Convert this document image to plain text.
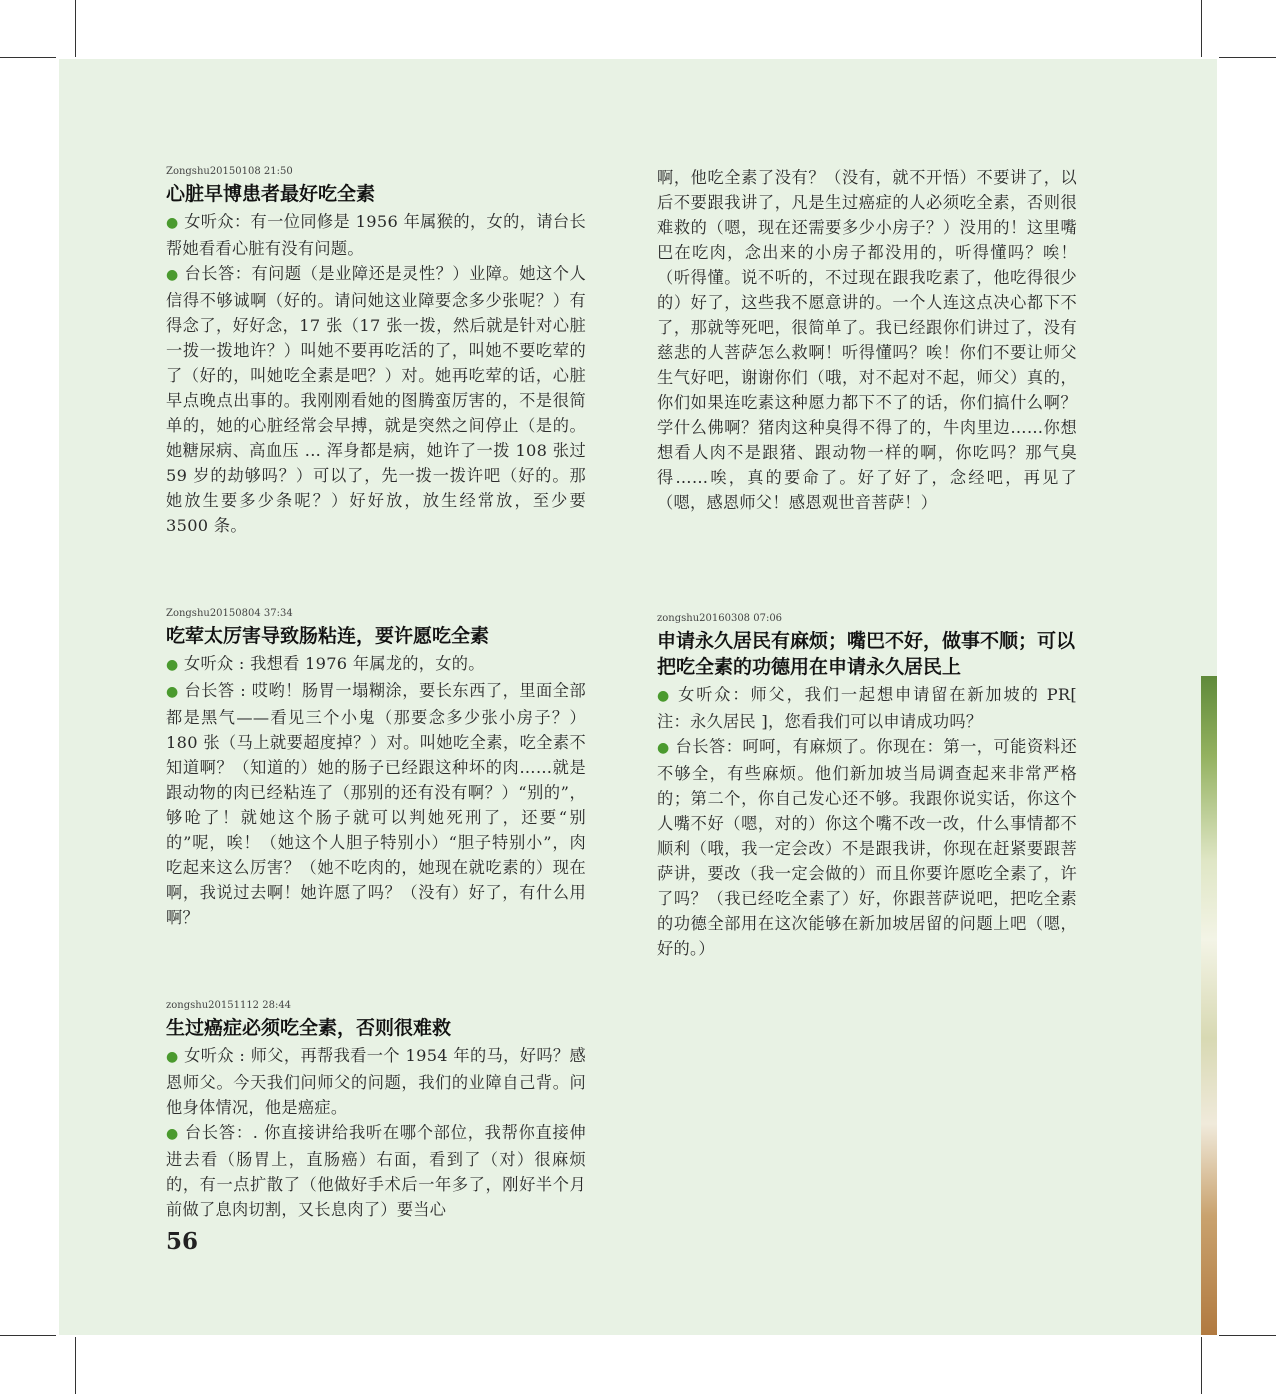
Zongshu20150108 21:50

心脏早博患者最好吃全素

● 女听众：有一位同修是 1956 年属猴的，女的，请台长帮她看看心脏有没有问题。

● 台长答：有问题（是业障还是灵性？）业障。她这个人信得不够诚啊（好的。请问她这业障要念多少张呢？）有得念了，好好念，17 张（17 张一拨，然后就是针对心脏一拨一拨地许？）叫她不要再吃活的了，叫她不要吃荤的了（好的，叫她吃全素是吧？）对。她再吃荤的话，心脏早点晚点出事的。我刚刚看她的图腾蛮厉害的，不是很简单的，她的心脏经常会早搏，就是突然之间停止（是的。她糖尿病、高血压 ... 浑身都是病，她许了一拨 108 张过 59 岁的劫够吗？）可以了，先一拨一拨许吧（好的。那她放生要多少条呢？）好好放，放生经常放，至少要 3500 条。

Zongshu20150804 37:34

吃荤太厉害导致肠粘连，要许愿吃全素

● 女听众 : 我想看 1976 年属龙的，女的。

● 台长答 : 哎哟！肠胃一塌糊涂，要长东西了，里面全部都是黑气——看见三个小鬼（那要念多少张小房子？）180 张（马上就要超度掉？）对。叫她吃全素，吃全素不知道啊？（知道的）她的肠子已经跟这种坏的肉……就是跟动物的肉已经粘连了（那别的还有没有啊？）“别的”，够呛了！就她这个肠子就可以判她死刑了，还要“别的”呢，唉！（她这个人胆子特别小）“胆子特别小”，肉吃起来这么厉害？（她不吃肉的，她现在就吃素的）现在啊，我说过去啊！她许愿了吗？（没有）好了，有什么用啊？

zongshu20151112 28:44

生过癌症必须吃全素，否则很难救

● 女听众 : 师父，再帮我看一个 1954 年的马，好吗？感恩师父。今天我们问师父的问题，我们的业障自己背。问他身体情况，他是癌症。

● 台长答：. 你直接讲给我听在哪个部位，我帮你直接伸进去看（肠胃上，直肠癌）右面，看到了（对）很麻烦的，有一点扩散了（他做好手术后一年多了，刚好半个月前做了息肉切割，又长息肉了）要当心

啊，他吃全素了没有？（没有，就不开悟）不要讲了，以后不要跟我讲了，凡是生过癌症的人必须吃全素，否则很难救的（嗯，现在还需要多少小房子？）没用的！这里嘴巴在吃肉，念出来的小房子都没用的，听得懂吗？唉！（听得懂。说不听的，不过现在跟我吃素了，他吃得很少的）好了，这些我不愿意讲的。一个人连这点决心都下不了，那就等死吧，很简单了。我已经跟你们讲过了，没有慈悲的人菩萨怎么救啊！听得懂吗？唉！你们不要让师父生气好吧，谢谢你们（哦，对不起对不起，师父）真的，你们如果连吃素这种愿力都下不了的话，你们搞什么啊？学什么佛啊？猪肉这种臭得不得了的，牛肉里边……你想想看人肉不是跟猪、跟动物一样的啊，你吃吗？那气臭得……唉，真的要命了。好了好了，念经吧，再见了（嗯，感恩师父！感恩观世音菩萨！）

zongshu20160308 07:06

申请永久居民有麻烦；嘴巴不好，做事不顺；可以把吃全素的功德用在申请永久居民上

● 女听众：师父，我们一起想申请留在新加坡的 PR[ 注：永久居民 ]，您看我们可以申请成功吗？

● 台长答：呵呵，有麻烦了。你现在：第一，可能资料还不够全，有些麻烦。他们新加坡当局调查起来非常严格的；第二个，你自己发心还不够。我跟你说实话，你这个人嘴不好（嗯，对的）你这个嘴不改一改，什么事情都不顺利（哦，我一定会改）不是跟我讲，你现在赶紧要跟菩萨讲，要改（我一定会做的）而且你要许愿吃全素了，许了吗？（我已经吃全素了）好，你跟菩萨说吧，把吃全素的功德全部用在这次能够在新加坡居留的问题上吧（嗯，好的。）

56
